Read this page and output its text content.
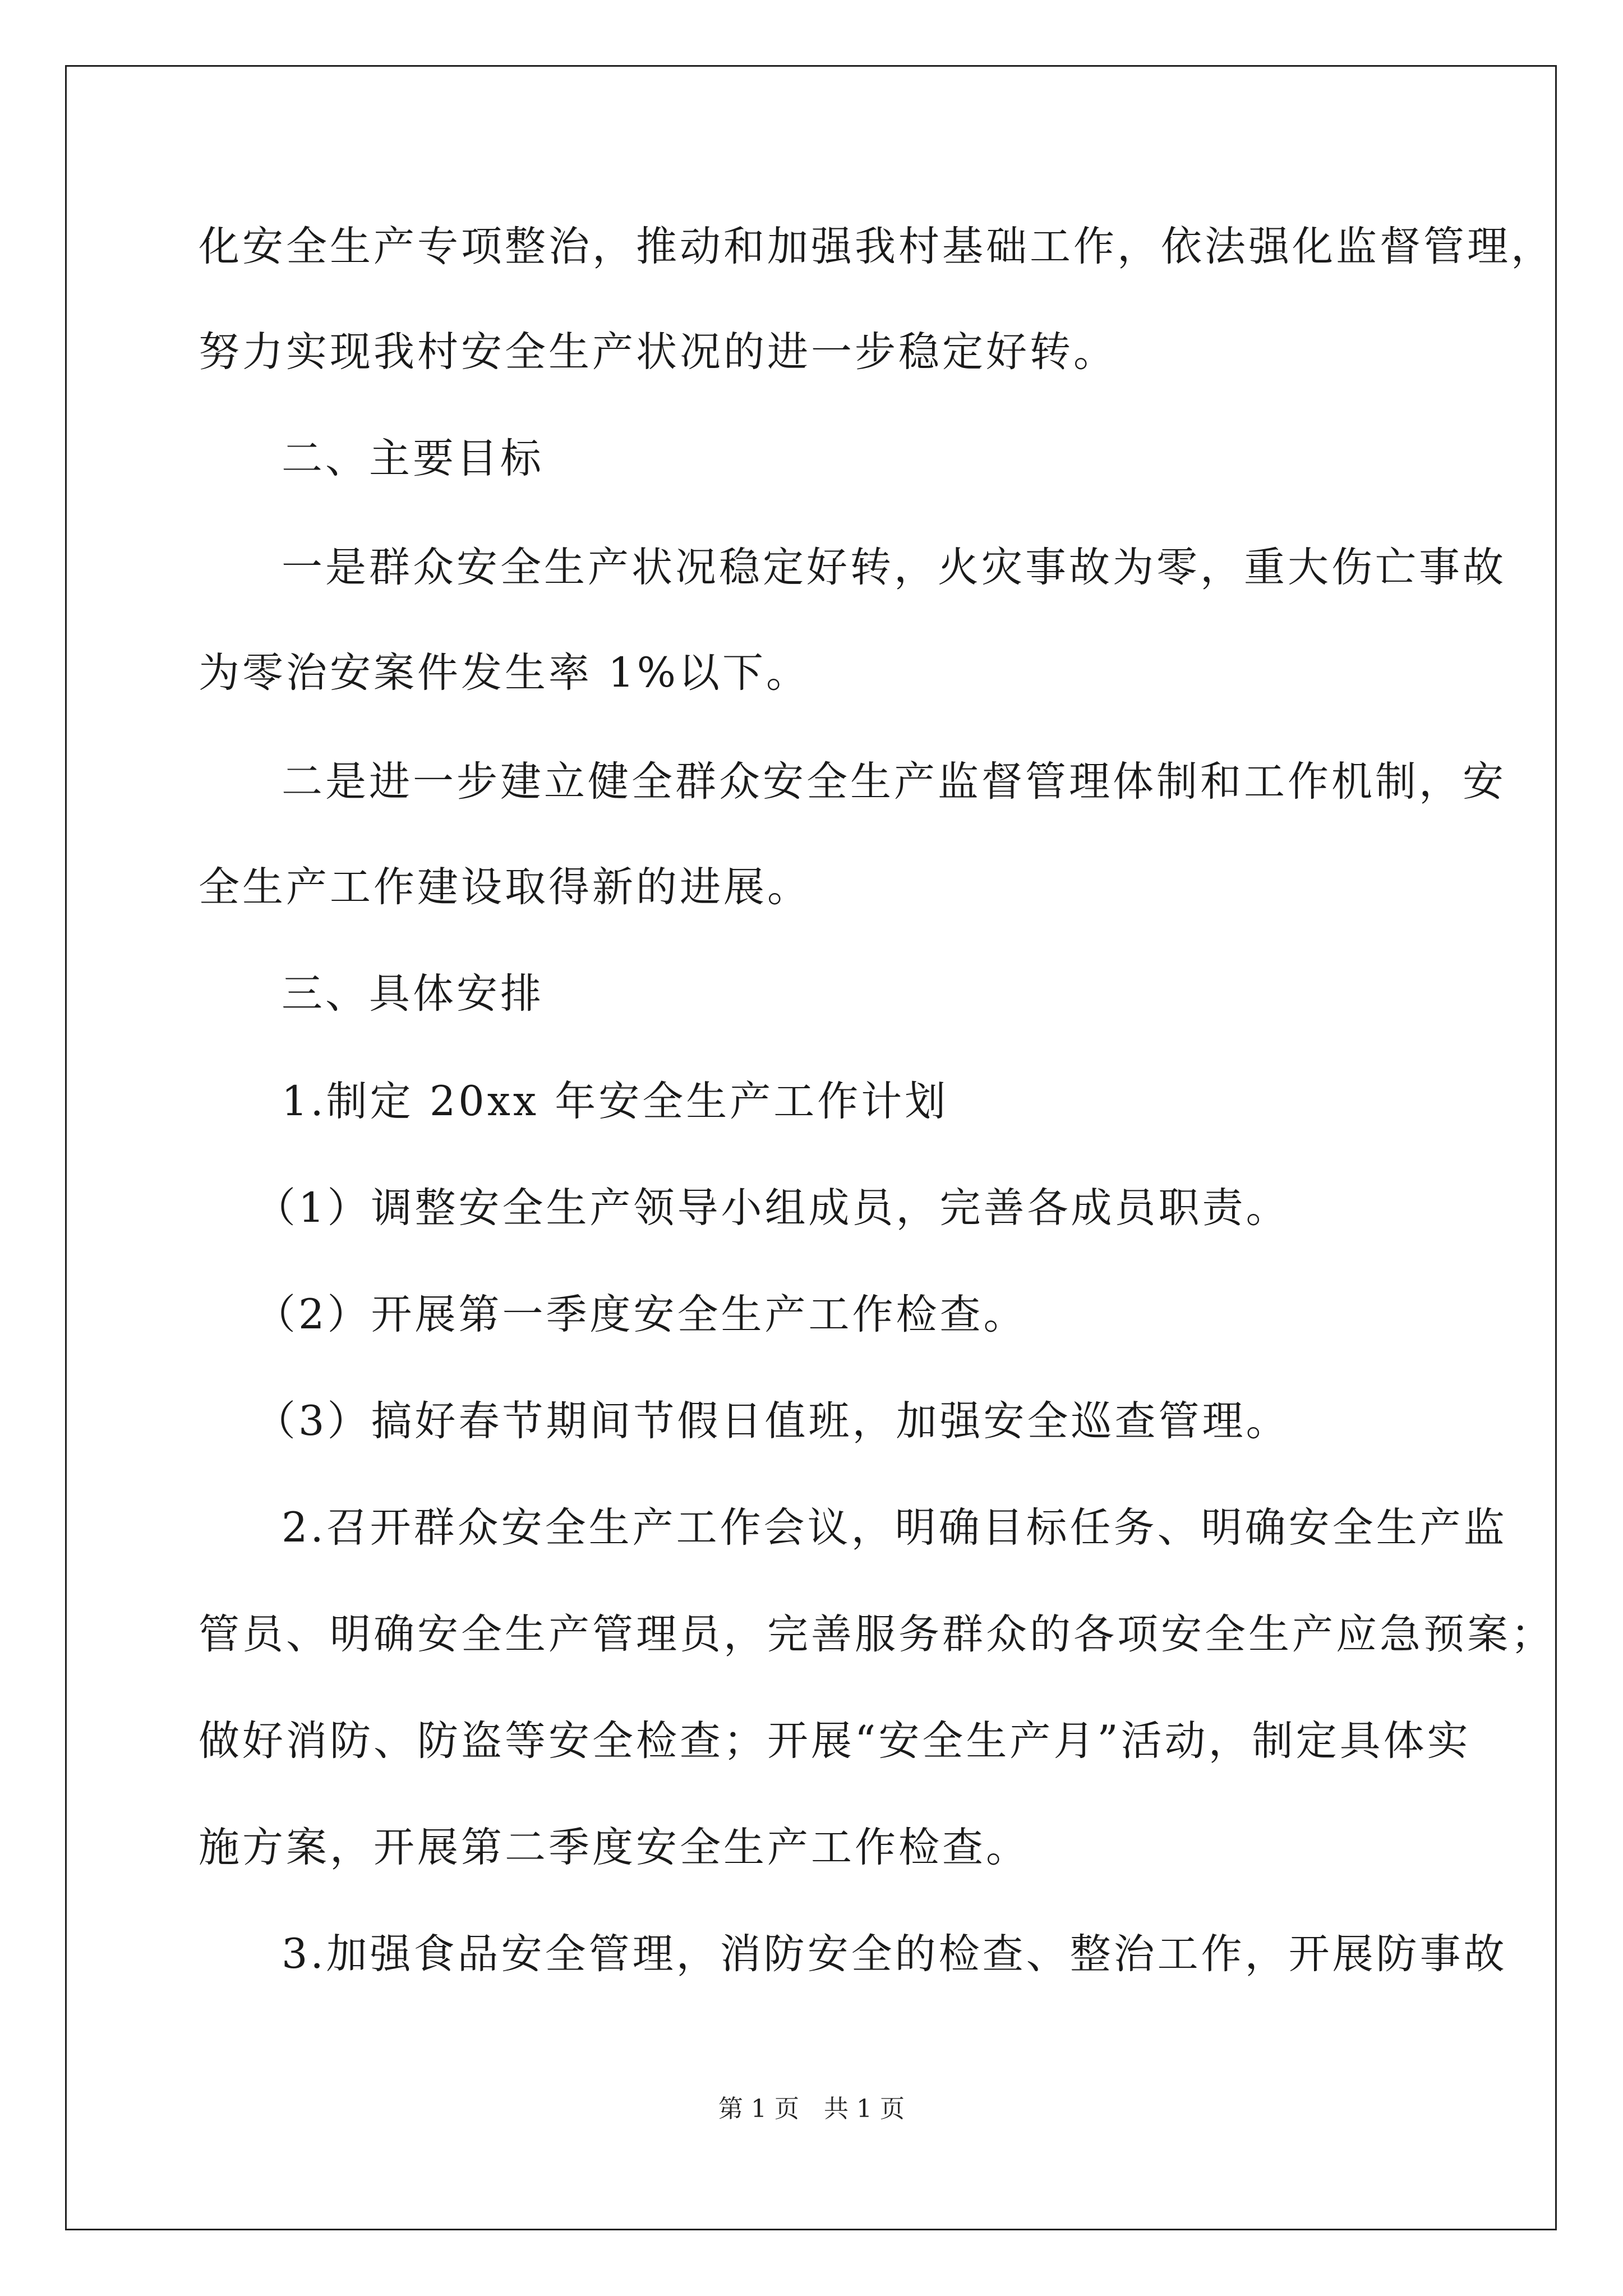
化安全生产专项整治，推动和加强我村基础工作，依法强化监督管理，
努力实现我村安全生产状况的进一步稳定好转。
二、主要目标
一是群众安全生产状况稳定好转，火灾事故为零，重大伤亡事故
为零治安案件发生率 1%以下。
二是进一步建立健全群众安全生产监督管理体制和工作机制，安
全生产工作建设取得新的进展。
三、具体安排
1.制定 20xx 年安全生产工作计划
（1）调整安全生产领导小组成员，完善各成员职责。
（2）开展第一季度安全生产工作检查。
（3）搞好春节期间节假日值班，加强安全巡查管理。
2.召开群众安全生产工作会议，明确目标任务、明确安全生产监
管员、明确安全生产管理员，完善服务群众的各项安全生产应急预案；
做好消防、防盗等安全检查；开展“安全生产月”活动，制定具体实
施方案，开展第二季度安全生产工作检查。
3.加强食品安全管理，消防安全的检查、整治工作，开展防事故
第 1 页　共 1 页
